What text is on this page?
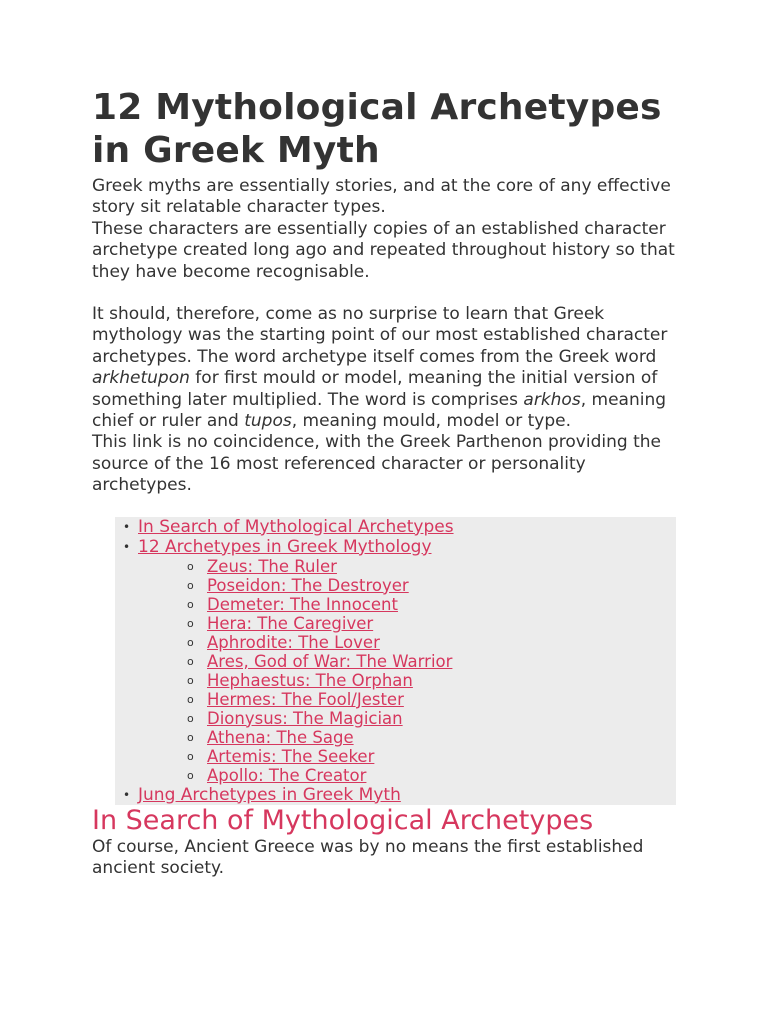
12 Mythological Archetypes in Greek Myth

Greek myths are essentially stories, and at the core of any effective story sit relatable character types.

These characters are essentially copies of an established character archetype created long ago and repeated throughout history so that they have become recognisable.

It should, therefore, come as no surprise to learn that Greek mythology was the starting point of our most established character archetypes. The word archetype itself comes from the Greek word arkhetupon for first mould or model, meaning the initial version of something later multiplied. The word is comprises arkhos, meaning chief or ruler and tupos, meaning mould, model or type.

This link is no coincidence, with the Greek Parthenon providing the source of the 16 most referenced character or personality archetypes.

• In Search of Mythological Archetypes
• 12 Archetypes in Greek Mythology
o Zeus: The Ruler
o Poseidon: The Destroyer
o Demeter: The Innocent
o Hera: The Caregiver
o Aphrodite: The Lover
o Ares, God of War: The Warrior
o Hephaestus: The Orphan
o Hermes: The Fool/Jester
o Dionysus: The Magician
o Athena: The Sage
o Artemis: The Seeker
o Apollo: The Creator
• Jung Archetypes in Greek Myth
In Search of Mythological Archetypes

Of course, Ancient Greece was by no means the first established ancient society.
